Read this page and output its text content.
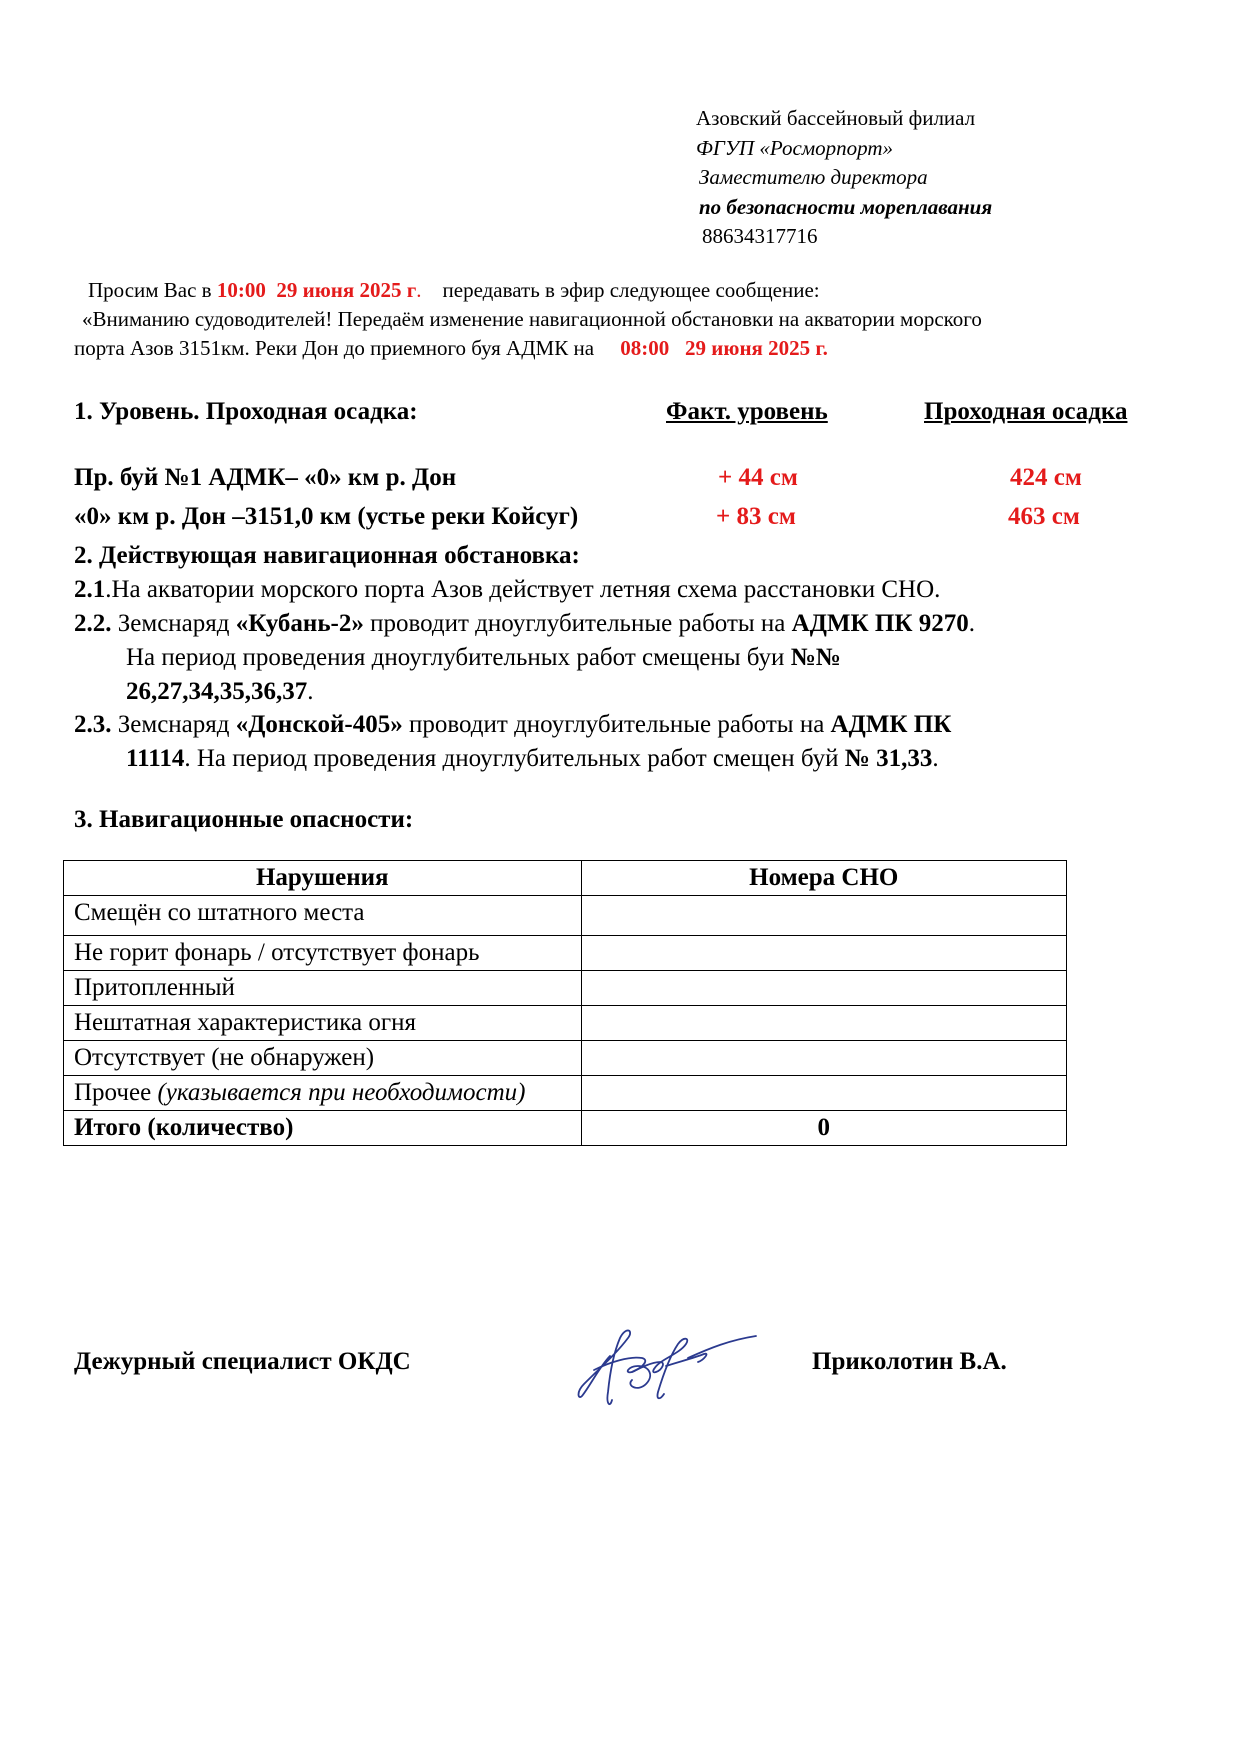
Азовский бассейновый филиал
ФГУП «Росморпорт»
Заместителю директора
по безопасности мореплавания
88634317716
Просим Вас в 10:00 29 июня 2025 г. передавать в эфир следующее сообщение:
«Вниманию судоводителей! Передаём изменение навигационной обстановки на акватории морского
порта Азов 3151км. Реки Дон до приемного буя АДМК на 08:00 29 июня 2025 г.
1. Уровень. Проходная осадка:	Факт. уровень	Проходная осадка
Пр. буй №1 АДМК– «0» км р. Дон	+ 44 см	424 см
«0» км р. Дон –3151,0 км (устье реки Койсуг)	+ 83 см	463 см
2. Действующая навигационная обстановка:
2.1.На акватории морского порта Азов действует летняя схема расстановки СНО.
2.2. Земснаряд «Кубань-2» проводит дноуглубительные работы на АДМК ПК 9270.
На период проведения дноуглубительных работ смещены буи №№
26,27,34,35,36,37.
2.3. Земснаряд «Донской-405» проводит дноуглубительные работы на АДМК ПК
11114. На период проведения дноуглубительных работ смещен буй № 31,33.
3. Навигационные опасности:
Нарушения	Номера СНО
Смещён со штатного места	
Не горит фонарь / отсутствует фонарь	
Притопленный	
Нештатная характеристика огня	
Отсутствует (не обнаружен)	
Прочее (указывается при необходимости)	
Итого (количество)	0
Дежурный специалист ОКДС	Приколотин В.А.
